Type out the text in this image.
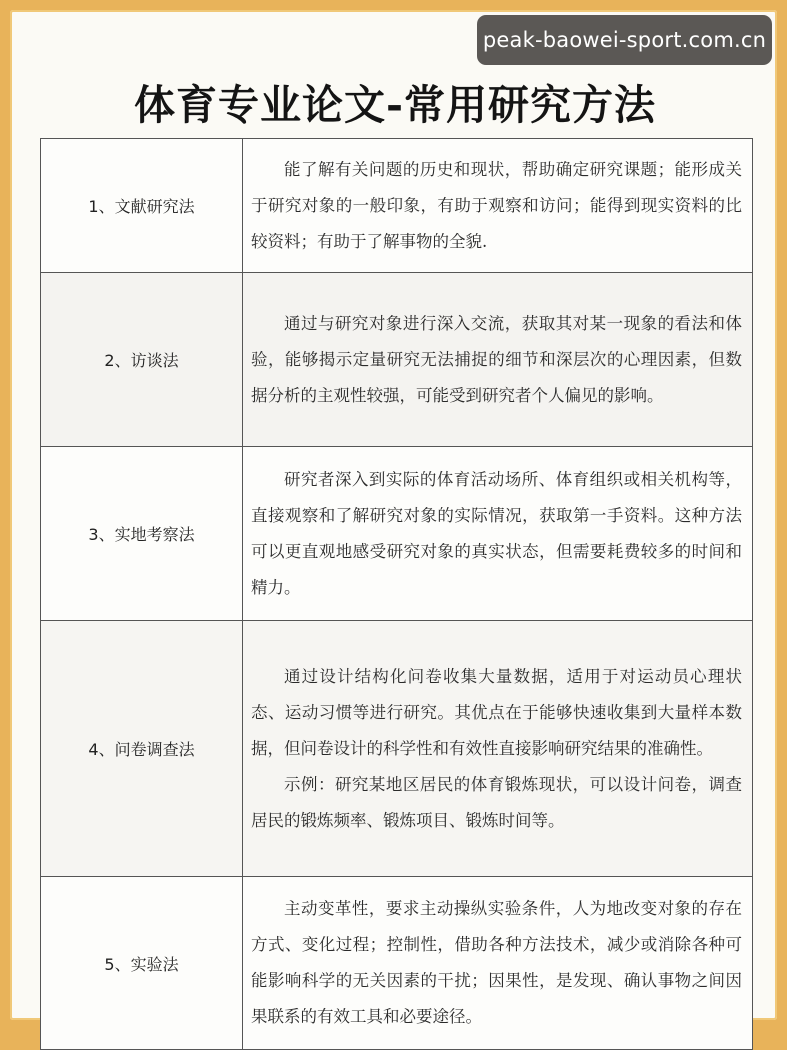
peak-baowei-sport.com.cn
体育专业论文-常用研究方法
1、文献研究法	能了解有关问题的历史和现状，帮助确定研究课题；能形成关于研究对象的一般印象，有助于观察和访问；能得到现实资料的比较资料；有助于了解事物的全貌.

2、访谈法	通过与研究对象进行深入交流，获取其对某一现象的看法和体验，能够揭示定量研究无法捕捉的细节和深层次的心理因素，但数据分析的主观性较强，可能受到研究者个人偏见的影响。

3、实地考察法	研究者深入到实际的体育活动场所、体育组织或相关机构等，直接观察和了解研究对象的实际情况，获取第一手资料。这种方法可以更直观地感受研究对象的真实状态，但需要耗费较多的时间和精力。

4、问卷调查法	通过设计结构化问卷收集大量数据，适用于对运动员心理状态、运动习惯等进行研究。其优点在于能够快速收集到大量样本数据，但问卷设计的科学性和有效性直接影响研究结果的准确性。

示例：研究某地区居民的体育锻炼现状，可以设计问卷，调查居民的锻炼频率、锻炼项目、锻炼时间等。

5、实验法	主动变革性，要求主动操纵实验条件，人为地改变对象的存在方式、变化过程；控制性，借助各种方法技术，减少或消除各种可能影响科学的无关因素的干扰；因果性，是发现、确认事物之间因果联系的有效工具和必要途径。
